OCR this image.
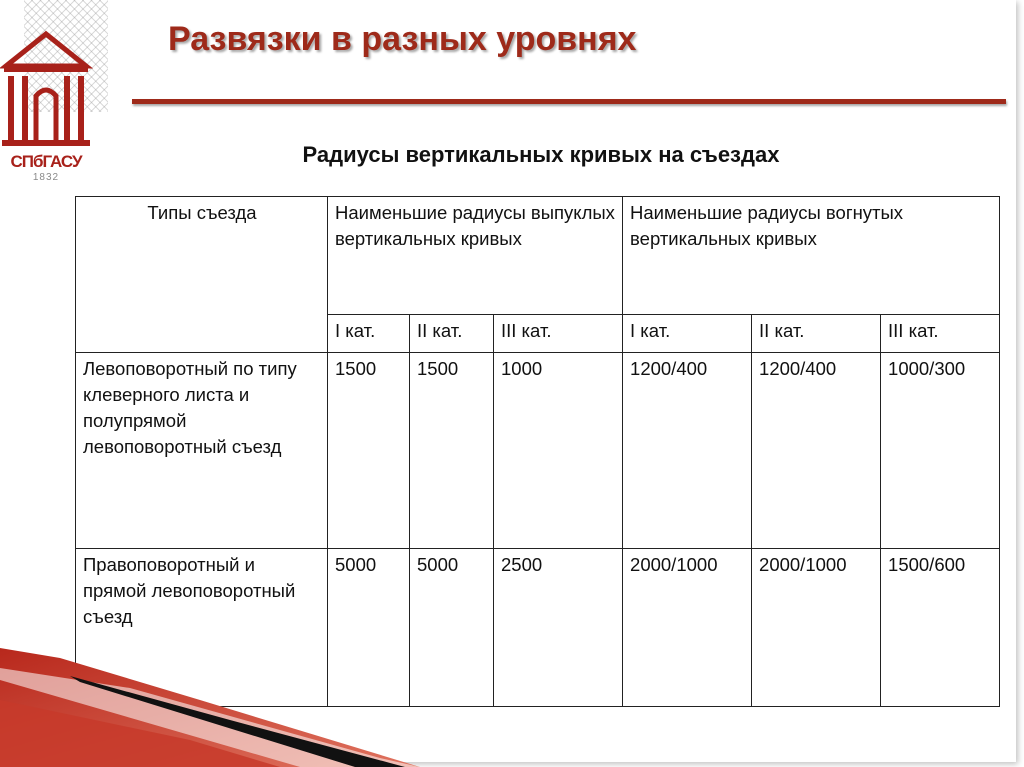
СПбГАСУ
1832
Развязки в разных уровнях
Радиусы вертикальных кривых на съездах
Типы съезда	Наименьшие радиусы выпуклых вертикальных кривых			Наименьшие радиусы вогнутых вертикальных кривых		
	I кат.	II кат.	III кат.	I кат.	II кат.	III кат.
Левоповоротный по типу клеверного листа и полупрямой левоповоротный съезд	1500	1500	1000	1200/400	1200/400	1000/300
Правоповоротный и прямой левоповоротный съезд	5000	5000	2500	2000/1000	2000/1000	1500/600
